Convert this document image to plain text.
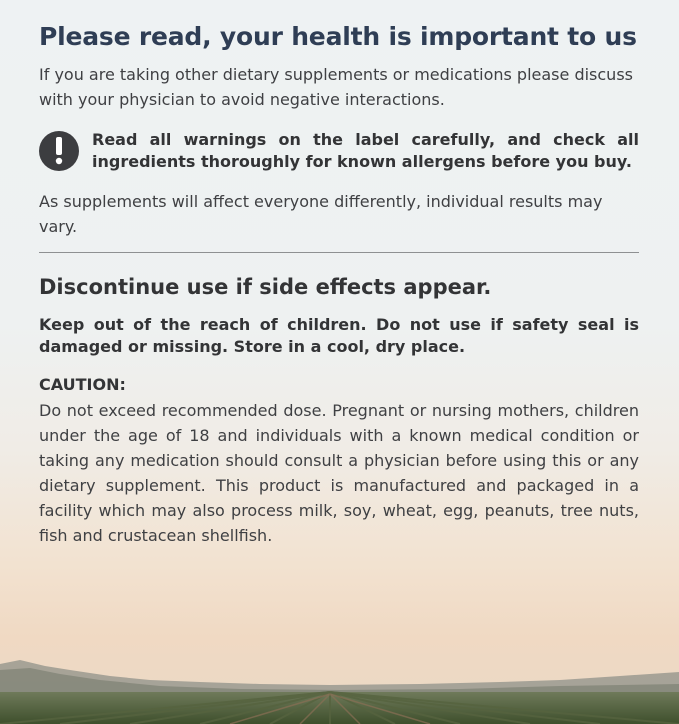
Please read, your health is important to us

If you are taking other dietary supplements or medications please discuss with your physician to avoid negative interactions.

Read all warnings on the label carefully, and check all ingredients thoroughly for known allergens before you buy.

As supplements will affect everyone differently, individual results may vary.

Discontinue use if side effects appear.

Keep out of the reach of children. Do not use if safety seal is damaged or missing. Store in a cool, dry place.

CAUTION:

Do not exceed recommended dose. Pregnant or nursing mothers, children under the age of 18 and individuals with a known medical condition or taking any medication should consult a physician before using this or any dietary supplement. This product is manufactured and packaged in a facility which may also process milk, soy, wheat, egg, peanuts, tree nuts, fish and crustacean shellfish.
